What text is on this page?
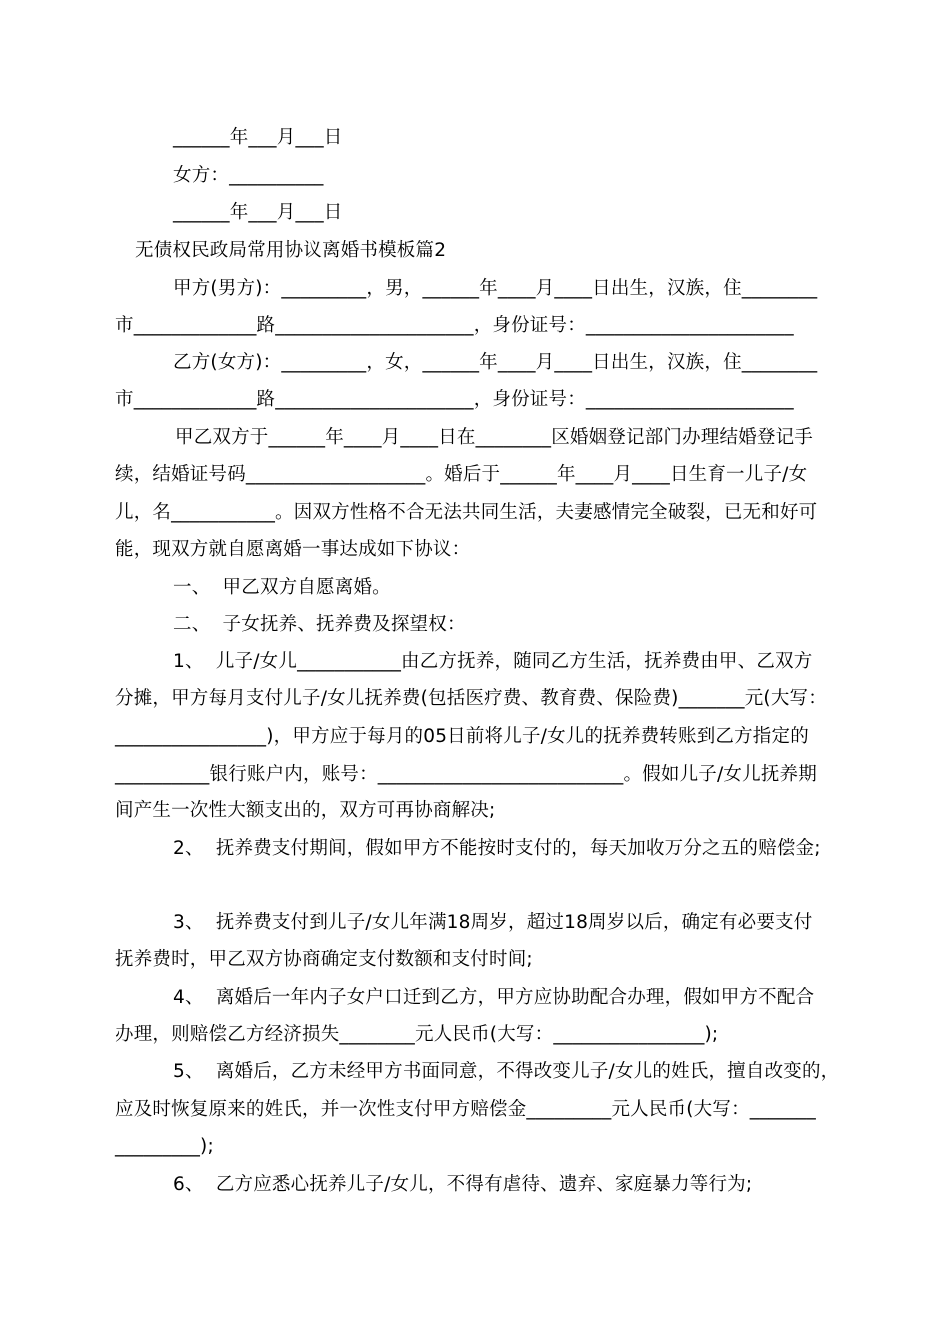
______年___月___日
女方：__________
______年___月___日
无债权民政局常用协议离婚书模板篇2
甲方(男方)：_________，男，______年____月____日出生，汉族，住________
市_____________路_____________________，身份证号：______________________
乙方(女方)：_________，女，______年____月____日出生，汉族，住________
市_____________路_____________________，身份证号：______________________
甲乙双方于______年____月____日在________区婚姻登记部门办理结婚登记手
续，结婚证号码___________________。婚后于______年____月____日生育一儿子/女
儿，名___________。因双方性格不合无法共同生活，夫妻感情完全破裂，已无和好可
能，现双方就自愿离婚一事达成如下协议：
一、  甲乙双方自愿离婚。
二、  子女抚养、抚养费及探望权：
1、  儿子/女儿___________由乙方抚养，随同乙方生活，抚养费由甲、乙双方
分摊，甲方每月支付儿子/女儿抚养费(包括医疗费、教育费、保险费)_______元(大写：
________________)，甲方应于每月的05日前将儿子/女儿的抚养费转账到乙方指定的
__________银行账户内，账号：__________________________。假如儿子/女儿抚养期
间产生一次性大额支出的，双方可再协商解决;
2、  抚养费支付期间，假如甲方不能按时支付的，每天加收万分之五的赔偿金;
3、  抚养费支付到儿子/女儿年满18周岁，超过18周岁以后，确定有必要支付
抚养费时，甲乙双方协商确定支付数额和支付时间;
4、  离婚后一年内子女户口迁到乙方，甲方应协助配合办理，假如甲方不配合
办理，则赔偿乙方经济损失________元人民币(大写：________________);
5、  离婚后，乙方未经甲方书面同意，不得改变儿子/女儿的姓氏，擅自改变的，
应及时恢复原来的姓氏，并一次性支付甲方赔偿金_________元人民币(大写：_______
_________);
6、  乙方应悉心抚养儿子/女儿，不得有虐待、遗弃、家庭暴力等行为;
